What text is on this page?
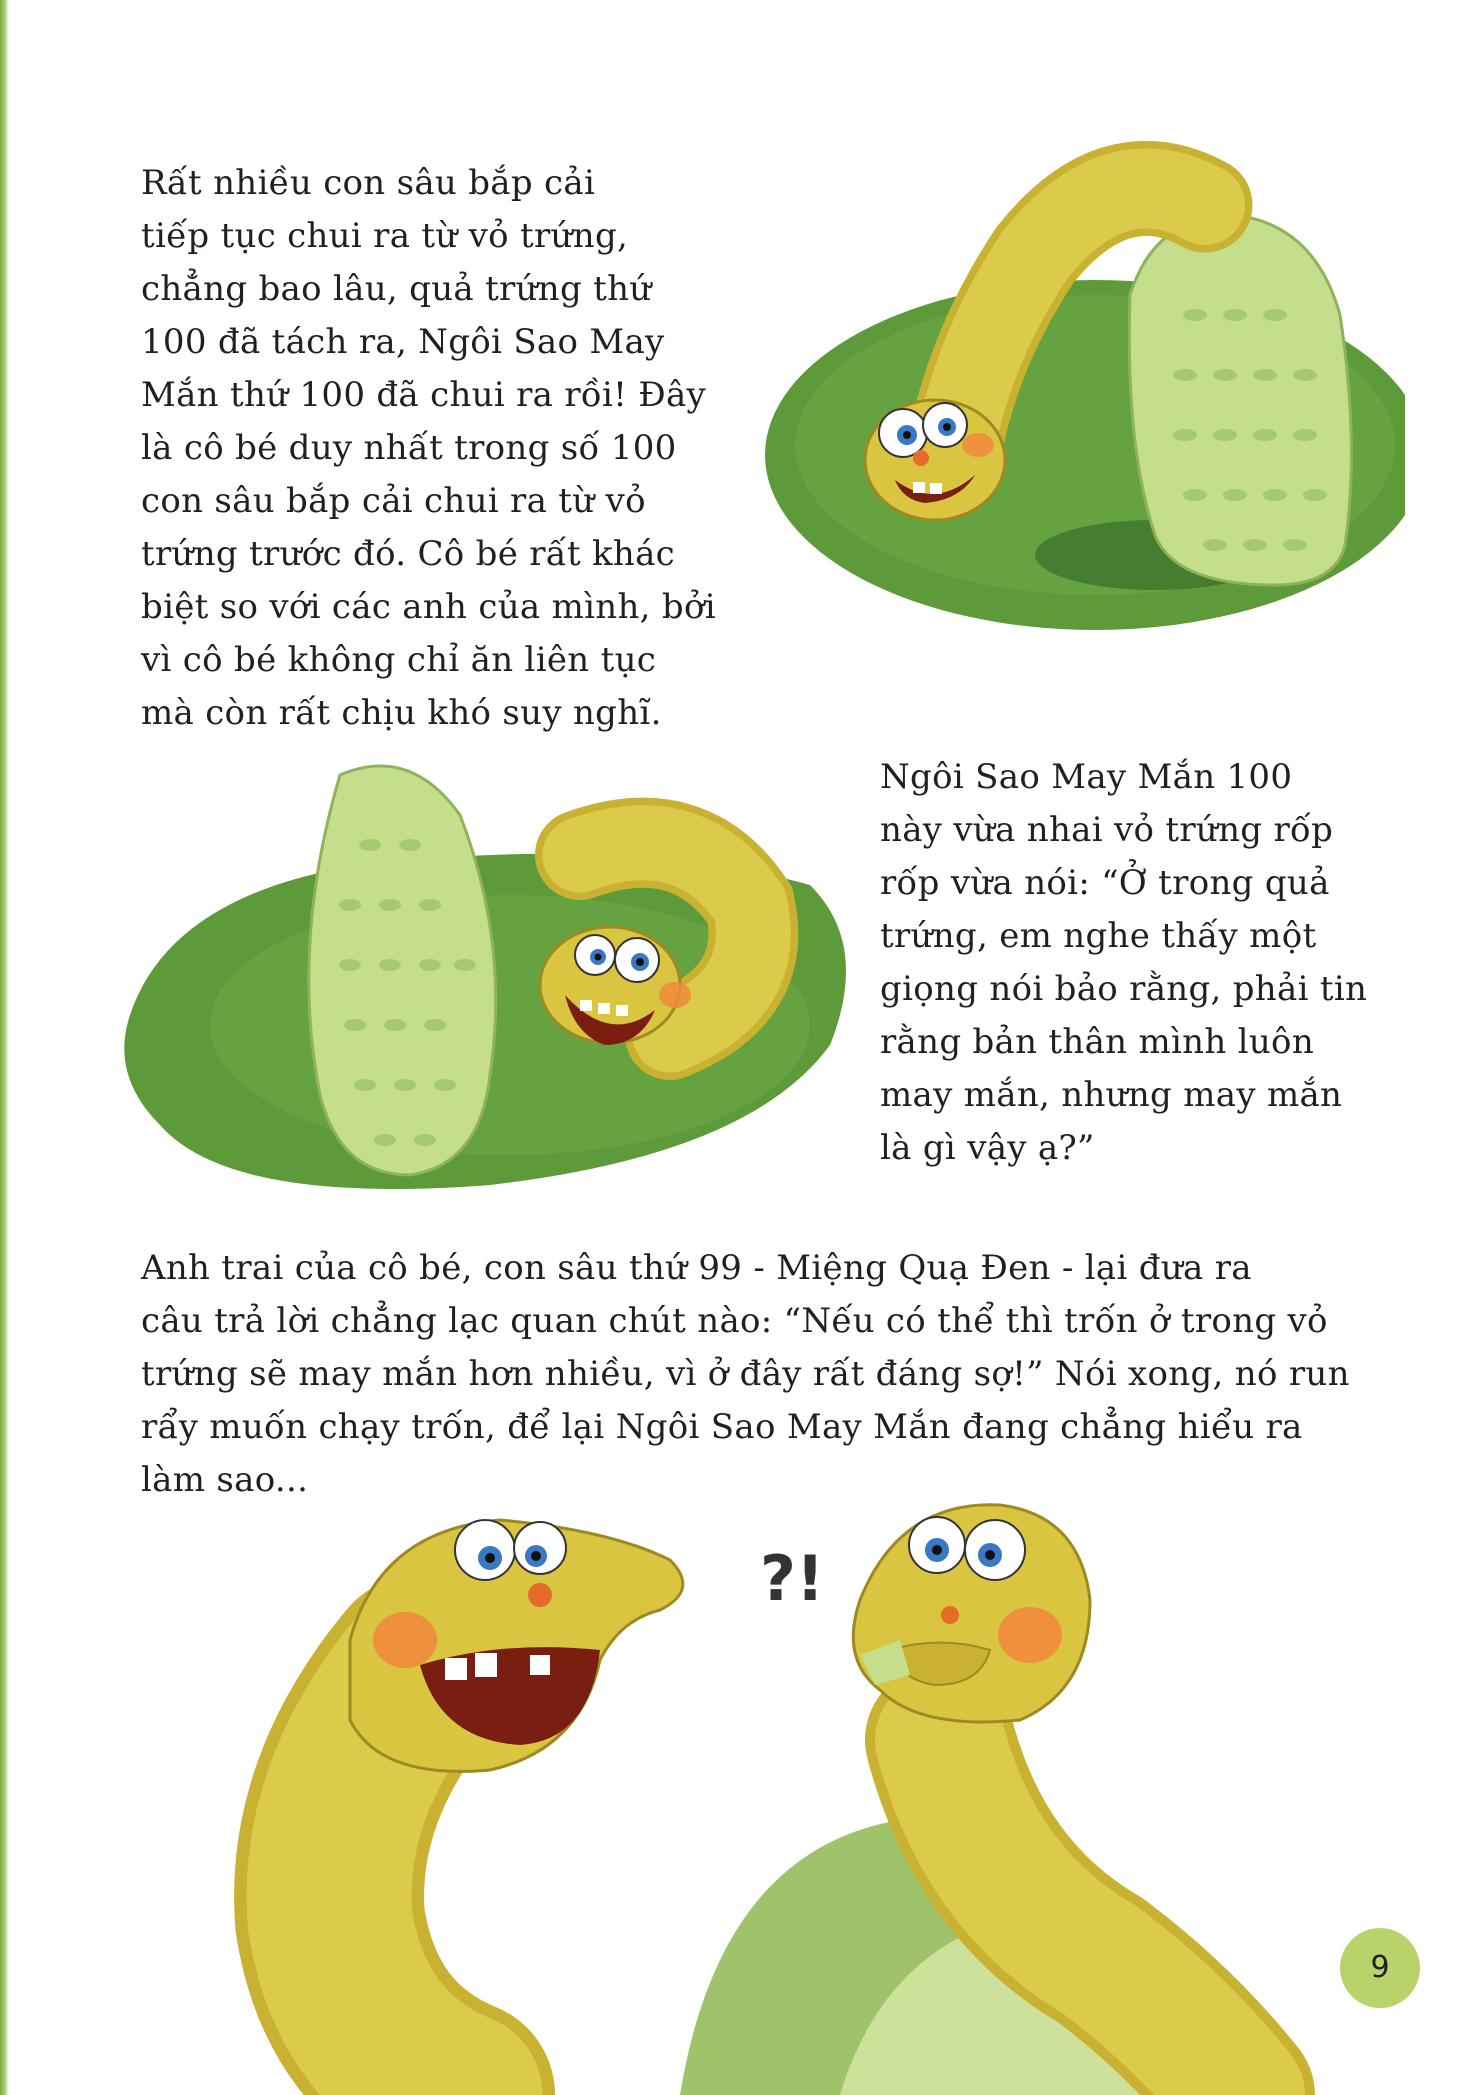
Rất nhiều con sâu bắp cải
tiếp tục chui ra từ vỏ trứng,
chẳng bao lâu, quả trứng thứ
100 đã tách ra, Ngôi Sao May
Mắn thứ 100 đã chui ra rồi! Đây
là cô bé duy nhất trong số 100
con sâu bắp cải chui ra từ vỏ
trứng trước đó. Cô bé rất khác
biệt so với các anh của mình, bởi
vì cô bé không chỉ ăn liên tục
mà còn rất chịu khó suy nghĩ.

Ngôi Sao May Mắn 100
này vừa nhai vỏ trứng rốp
rốp vừa nói: “Ở trong quả
trứng, em nghe thấy một
giọng nói bảo rằng, phải tin
rằng bản thân mình luôn
may mắn, nhưng may mắn
là gì vậy ạ?”

Anh trai của cô bé, con sâu thứ 99 - Miệng Quạ Đen - lại đưa ra
câu trả lời chẳng lạc quan chút nào: “Nếu có thể thì trốn ở trong vỏ
trứng sẽ may mắn hơn nhiều, vì ở đây rất đáng sợ!” Nói xong, nó run
rẩy muốn chạy trốn, để lại Ngôi Sao May Mắn đang chẳng hiểu ra
làm sao...

?!
9
